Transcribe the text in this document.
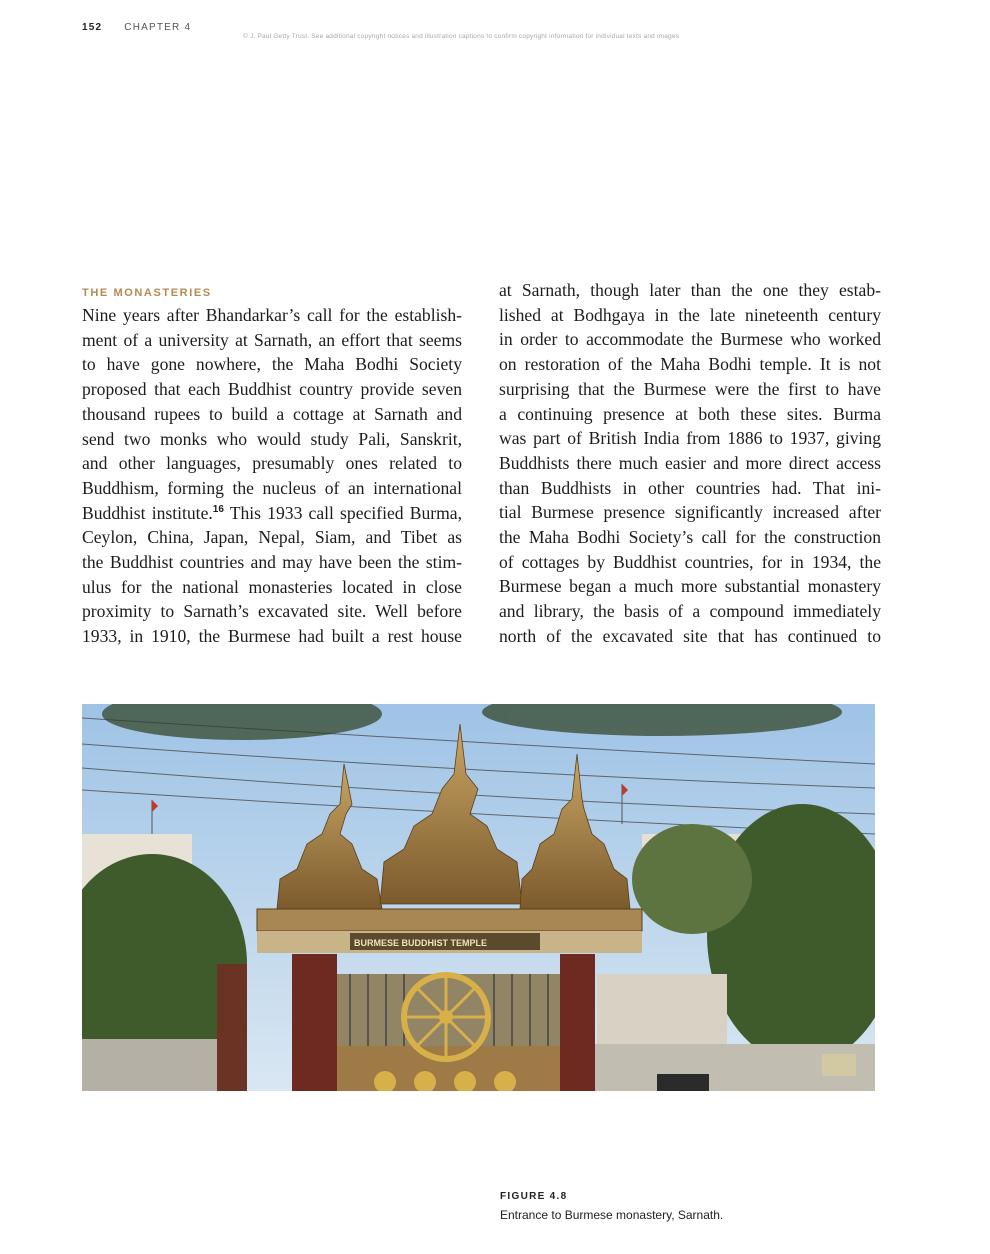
152 CHAPTER 4
© J. Paul Getty Trust. See additional copyright notices and illustration captions to confirm copyright information for individual texts and images
THE MONASTERIES
Nine years after Bhandarkar’s call for the establish-
ment of a university at Sarnath, an effort that seems
to have gone nowhere, the Maha Bodhi Society
proposed that each Buddhist country provide seven
thousand rupees to build a cottage at Sarnath and
send two monks who would study Pali, Sanskrit,
and other languages, presumably ones related to
Buddhism, forming the nucleus of an international
Buddhist institute.$^{16}$ This 1933 call specified Burma,
Ceylon, China, Japan, Nepal, Siam, and Tibet as
the Buddhist countries and may have been the stim-
ulus for the national monasteries located in close
proximity to Sarnath’s excavated site. Well before
1933, in 1910, the Burmese had built a rest house
at Sarnath, though later than the one they estab-
lished at Bodhgaya in the late nineteenth century
in order to accommodate the Burmese who worked
on restoration of the Maha Bodhi temple. It is not
surprising that the Burmese were the first to have
a continuing presence at both these sites. Burma
was part of British India from 1886 to 1937, giving
Buddhists there much easier and more direct access
than Buddhists in other countries had. That ini-
tial Burmese presence significantly increased after
the Maha Bodhi Society’s call for the construction
of cottages by Buddhist countries, for in 1934, the
Burmese began a much more substantial monastery
and library, the basis of a compound immediately
north of the excavated site that has continued to
BURMESE BUDDHIST TEMPLE
FIGURE 4.8
Entrance to Burmese monastery, Sarnath.
